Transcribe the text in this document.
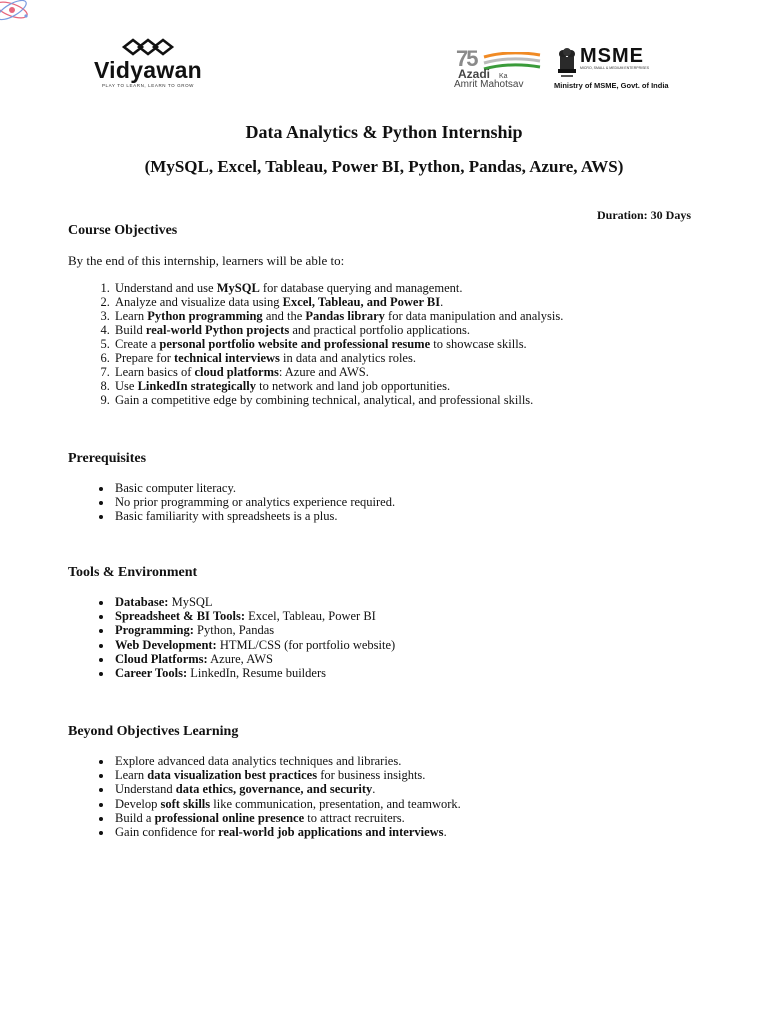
Vidyawan
PLAY TO LEARN, LEARN TO GROW
75
Azadi Ka
Amrit Mahotsav
MSME
MICRO, SMALL & MEDIUM ENTERPRISES
Ministry of MSME, Govt. of India
Data Analytics & Python Internship
(MySQL, Excel, Tableau, Power BI, Python, Pandas, Azure, AWS)
Duration: 30 Days
Course Objectives

By the end of this internship, learners will be able to:

1. Understand and use MySQL for database querying and management.
2. Analyze and visualize data using Excel, Tableau, and Power BI.
3. Learn Python programming and the Pandas library for data manipulation and analysis.
4. Build real-world Python projects and practical portfolio applications.
5. Create a personal portfolio website and professional resume to showcase skills.
6. Prepare for technical interviews in data and analytics roles.
7. Learn basics of cloud platforms: Azure and AWS.
8. Use LinkedIn strategically to network and land job opportunities.
9. Gain a competitive edge by combining technical, analytical, and professional skills.
Prerequisites
• Basic computer literacy.
• No prior programming or analytics experience required.
• Basic familiarity with spreadsheets is a plus.
Tools & Environment
• Database: MySQL
• Spreadsheet & BI Tools: Excel, Tableau, Power BI
• Programming: Python, Pandas
• Web Development: HTML/CSS (for portfolio website)
• Cloud Platforms: Azure, AWS
• Career Tools: LinkedIn, Resume builders
Beyond Objectives Learning
• Explore advanced data analytics techniques and libraries.
• Learn data visualization best practices for business insights.
• Understand data ethics, governance, and security.
• Develop soft skills like communication, presentation, and teamwork.
• Build a professional online presence to attract recruiters.
• Gain confidence for real-world job applications and interviews.
